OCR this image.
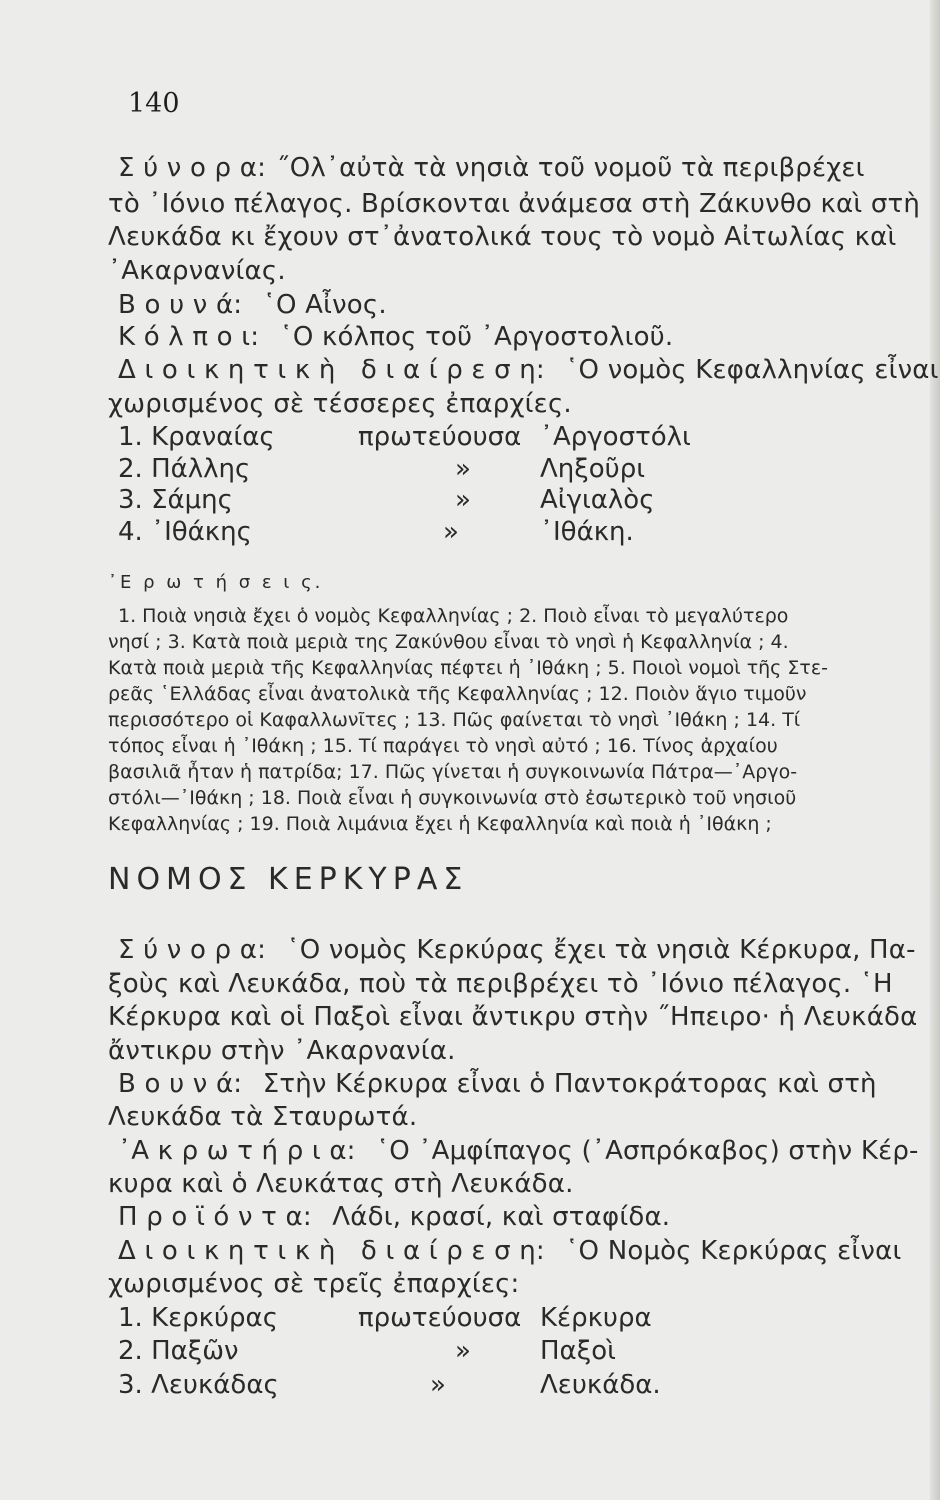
140
Σ ύ ν ο ρ α: ˝Ολ᾽αὐτὰ τὰ νησιὰ τοῦ νομοῦ τὰ περιβρέχει
τὸ ᾽Ιόνιο πέλαγος. Βρίσκονται ἀνάμεσα στὴ Ζάκυνθο καὶ στὴ
Λευκάδα κι ἔχουν στ᾽ἀνατολικά τους τὸ νομὸ Αἰτωλίας καὶ
᾽Ακαρνανίας.
Β ο υ ν ά: ῾Ο Αἶνος.
Κ ό λ π ο ι: ῾Ο κόλπος τοῦ ᾽Αργοστολιοῦ.
Δ ι ο ι κ η τ ι κ ὴ   δ ι α ί ρ ε σ η: ῾Ο νομὸς Κεφαλληνίας εἶναι
χωρισμένος σὲ τέσσερες ἐπαρχίες.
1. Κραναίας	πρωτεύουσα ᾽Αργοστόλι
2. Πάλλης	»	Ληξοῦρι
3. Σάμης	»	Αἰγιαλὸς
4. ᾽Ιθάκης	»	᾽Ιθάκη.
᾽Ε ρ ω τ ή σ ε ι ς.
1. Ποιὰ νησιὰ ἔχει ὁ νομὸς Κεφαλληνίας ; 2. Ποιὸ εἶναι τὸ μεγαλύτερο
νησί ; 3. Κατὰ ποιὰ μεριὰ της Ζακύνθου εἶναι τὸ νησὶ ἡ Κεφαλληνία ; 4.
Κατὰ ποιὰ μεριὰ τῆς Κεφαλληνίας πέφτει ἡ ᾽Ιθάκη ; 5. Ποιοὶ νομοὶ τῆς Στε-
ρεᾶς ῾Ελλάδας εἶναι ἀνατολικὰ τῆς Κεφαλληνίας ; 12. Ποιὸν ἅγιο τιμοῦν
περισσότερο οἱ Καφαλλωνῖτες ; 13. Πῶς φαίνεται τὸ νησὶ ᾽Ιθάκη ; 14. Τί
τόπος εἶναι ἡ ᾽Ιθάκη ; 15. Τί παράγει τὸ νησὶ αὐτό ; 16. Τίνος ἀρχαίου
βασιλιᾶ ἦταν ἡ πατρίδα; 17. Πῶς γίνεται ἡ συγκοινωνία Πάτρα—᾽Αργο-
στόλι—᾽Ιθάκη ; 18. Ποιὰ εἶναι ἡ συγκοινωνία στὸ ἐσωτερικὸ τοῦ νησιοῦ
Κεφαλληνίας ; 19. Ποιὰ λιμάνια ἔχει ἡ Κεφαλληνία καὶ ποιὰ ἡ ᾽Ιθάκη ;
ΝΟΜΟΣ ΚΕΡΚΥΡΑΣ
Σ ύ ν ο ρ α: ῾Ο νομὸς Κερκύρας ἔχει τὰ νησιὰ Κέρκυρα, Πα-
ξοὺς καὶ Λευκάδα, ποὺ τὰ περιβρέχει τὸ ᾽Ιόνιο πέλαγος. ῾Η
Κέρκυρα καὶ οἱ Παξοὶ εἶναι ἄντικρυ στὴν ˝Ηπειρο· ἡ Λευκάδα
ἄντικρυ στὴν ᾽Ακαρνανία.
Β ο υ ν ά: Στὴν Κέρκυρα εἶναι ὁ Παντοκράτορας καὶ στὴ
Λευκάδα τὰ Σταυρωτά.
᾽Α κ ρ ω τ ή ρ ι α: ῾Ο ᾽Αμφίπαγος (᾽Ασπρόκαβος) στὴν Κέρ-
κυρα καὶ ὁ Λευκάτας στὴ Λευκάδα.
Π ρ ο ϊ ό ν τ α: Λάδι, κρασί, καὶ σταφίδα.
Δ ι ο ι κ η τ ι κ ὴ   δ ι α ί ρ ε σ η: ῾Ο Νομὸς Κερκύρας εἶναι
χωρισμένος σὲ τρεῖς ἐπαρχίες:
1. Κερκύρας	πρωτεύουσα Κέρκυρα
2. Παξῶν	»	Παξοὶ
3. Λευκάδας	»	Λευκάδα.
